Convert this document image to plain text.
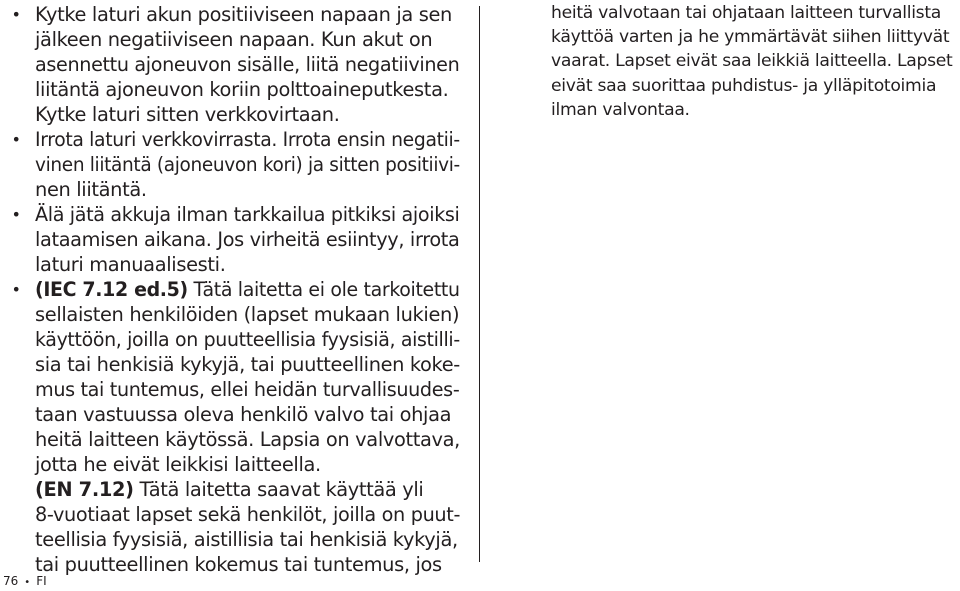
• Kytke laturi akun positiiviseen napaan ja sen
jälkeen negatiiviseen napaan. Kun akut on
asennettu ajoneuvon sisälle, liitä negatiivinen
liitäntä ajoneuvon koriin polttoaineputkesta.
Kytke laturi sitten verkkovirtaan.
• Irrota laturi verkkovirrasta. Irrota ensin negatii-
vinen liitäntä (ajoneuvon kori) ja sitten positiivi-
nen liitäntä.
• Älä jätä akkuja ilman tarkkailua pitkiksi ajoiksi
lataamisen aikana. Jos virheitä esiintyy, irrota
laturi manuaalisesti.
• (IEC 7.12 ed.5) Tätä laitetta ei ole tarkoitettu
sellaisten henkilöiden (lapset mukaan lukien)
käyttöön, joilla on puutteellisia fyysisiä, aistilli-
sia tai henkisiä kykyjä, tai puutteellinen koke-
mus tai tuntemus, ellei heidän turvallisuudes-
taan vastuussa oleva henkilö valvo tai ohjaa
heitä laitteen käytössä. Lapsia on valvottava,
jotta he eivät leikkisi laitteella.
(EN 7.12) Tätä laitetta saavat käyttää yli
8-vuotiaat lapset sekä henkilöt, joilla on puut-
teellisia fyysisiä, aistillisia tai henkisiä kykyjä,
tai puutteellinen kokemus tai tuntemus, jos
heitä valvotaan tai ohjataan laitteen turvallista
käyttöä varten ja he ymmärtävät siihen liittyvät
vaarat. Lapset eivät saa leikkiä laitteella. Lapset
eivät saa suorittaa puhdistus- ja ylläpitotoimia
ilman valvontaa.
76 • FI
